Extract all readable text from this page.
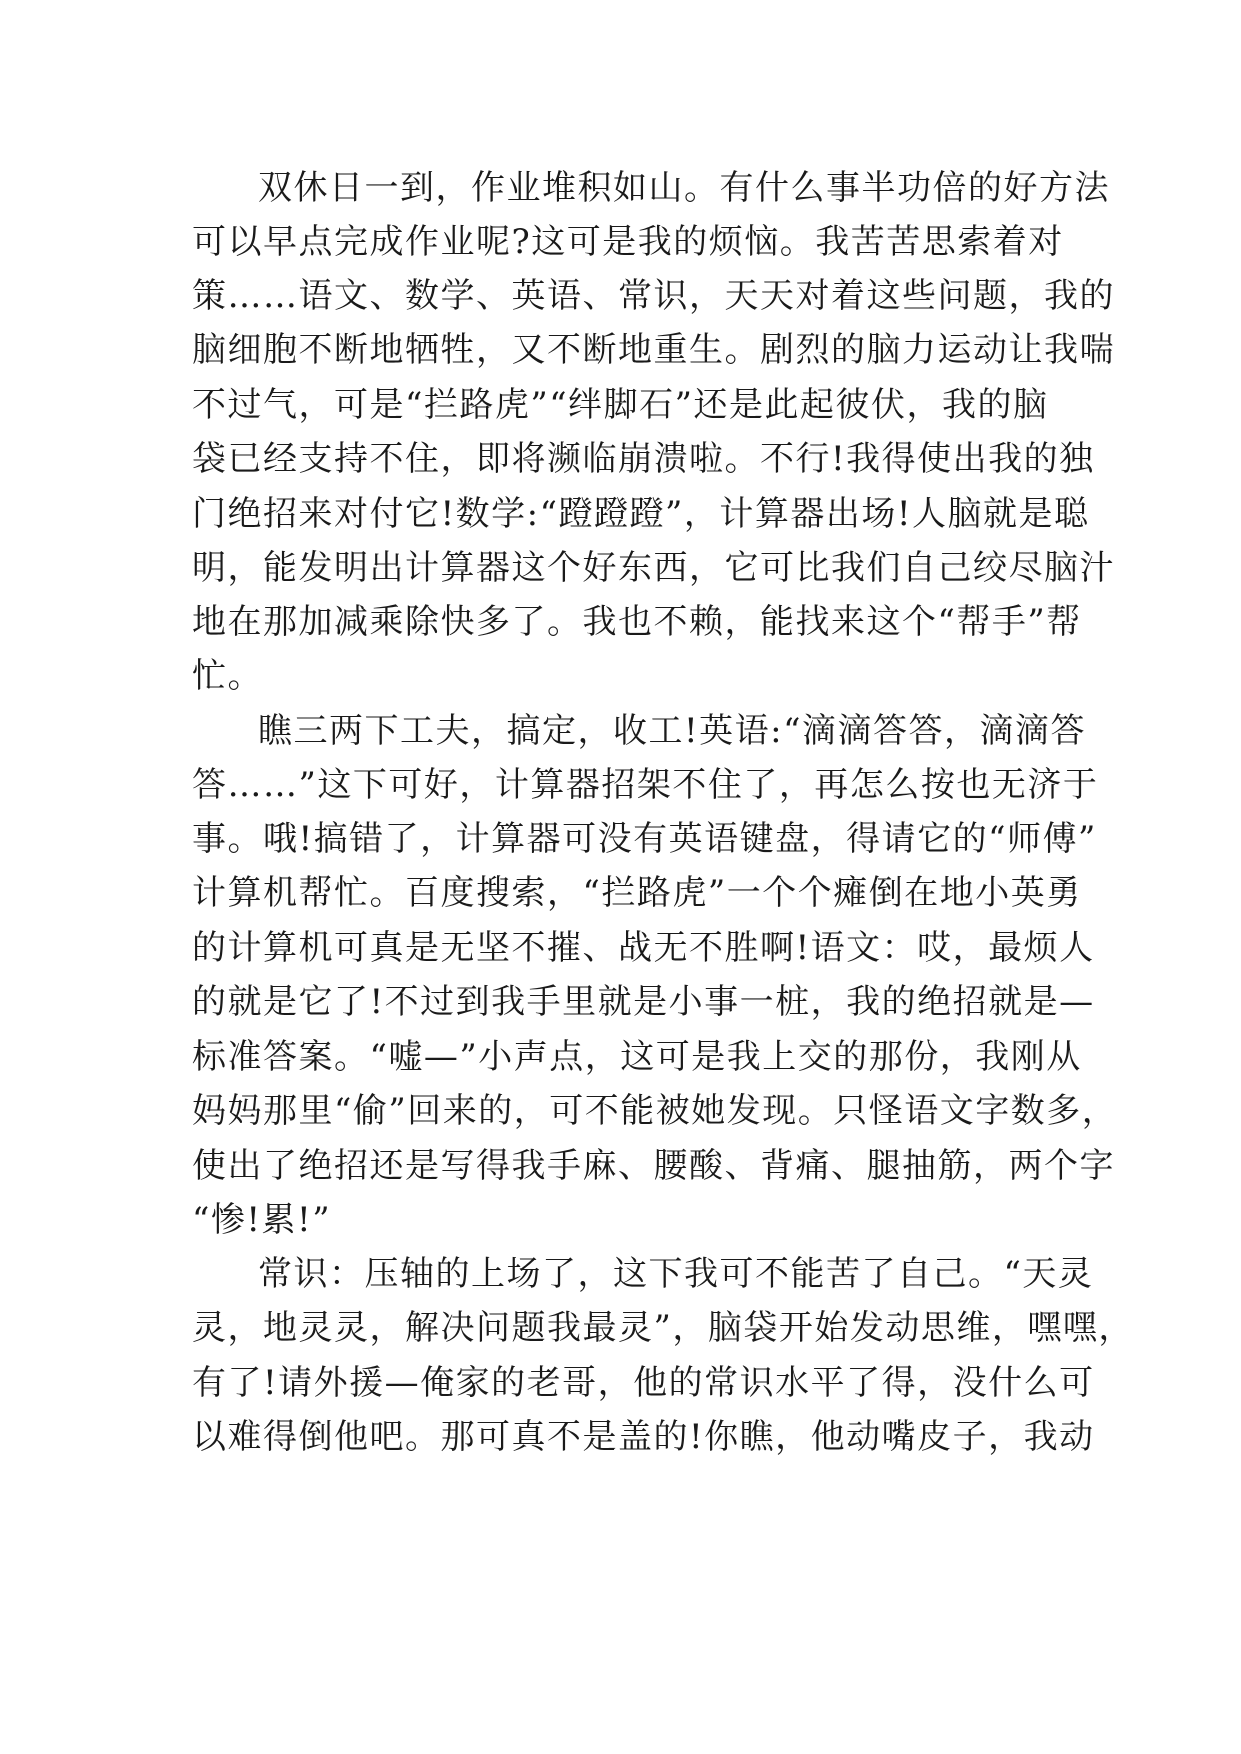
双休日一到，作业堆积如山。有什么事半功倍的好方法
可以早点完成作业呢?这可是我的烦恼。我苦苦思索着对
策……语文、数学、英语、常识，天天对着这些问题，我的
脑细胞不断地牺牲，又不断地重生。剧烈的脑力运动让我喘
不过气，可是“拦路虎”“绊脚石”还是此起彼伏，我的脑
袋已经支持不住，即将濒临崩溃啦。不行!我得使出我的独
门绝招来对付它!数学:“蹬蹬蹬”，计算器出场!人脑就是聪
明，能发明出计算器这个好东西，它可比我们自己绞尽脑汁
地在那加减乘除快多了。我也不赖，能找来这个“帮手”帮
忙。
瞧三两下工夫，搞定，收工!英语:“滴滴答答，滴滴答
答……”这下可好，计算器招架不住了，再怎么按也无济于
事。哦!搞错了，计算器可没有英语键盘，得请它的“师傅”
计算机帮忙。百度搜索，“拦路虎”一个个瘫倒在地小英勇
的计算机可真是无坚不摧、战无不胜啊!语文：哎，最烦人
的就是它了!不过到我手里就是小事一桩，我的绝招就是—
标准答案。“嘘—”小声点，这可是我上交的那份，我刚从
妈妈那里“偷”回来的，可不能被她发现。只怪语文字数多，
使出了绝招还是写得我手麻、腰酸、背痛、腿抽筋，两个字
“惨!累!”
常识：压轴的上场了，这下我可不能苦了自己。“天灵
灵，地灵灵，解决问题我最灵”，脑袋开始发动思维，嘿嘿，
有了!请外援—俺家的老哥，他的常识水平了得，没什么可
以难得倒他吧。那可真不是盖的!你瞧，他动嘴皮子，我动
